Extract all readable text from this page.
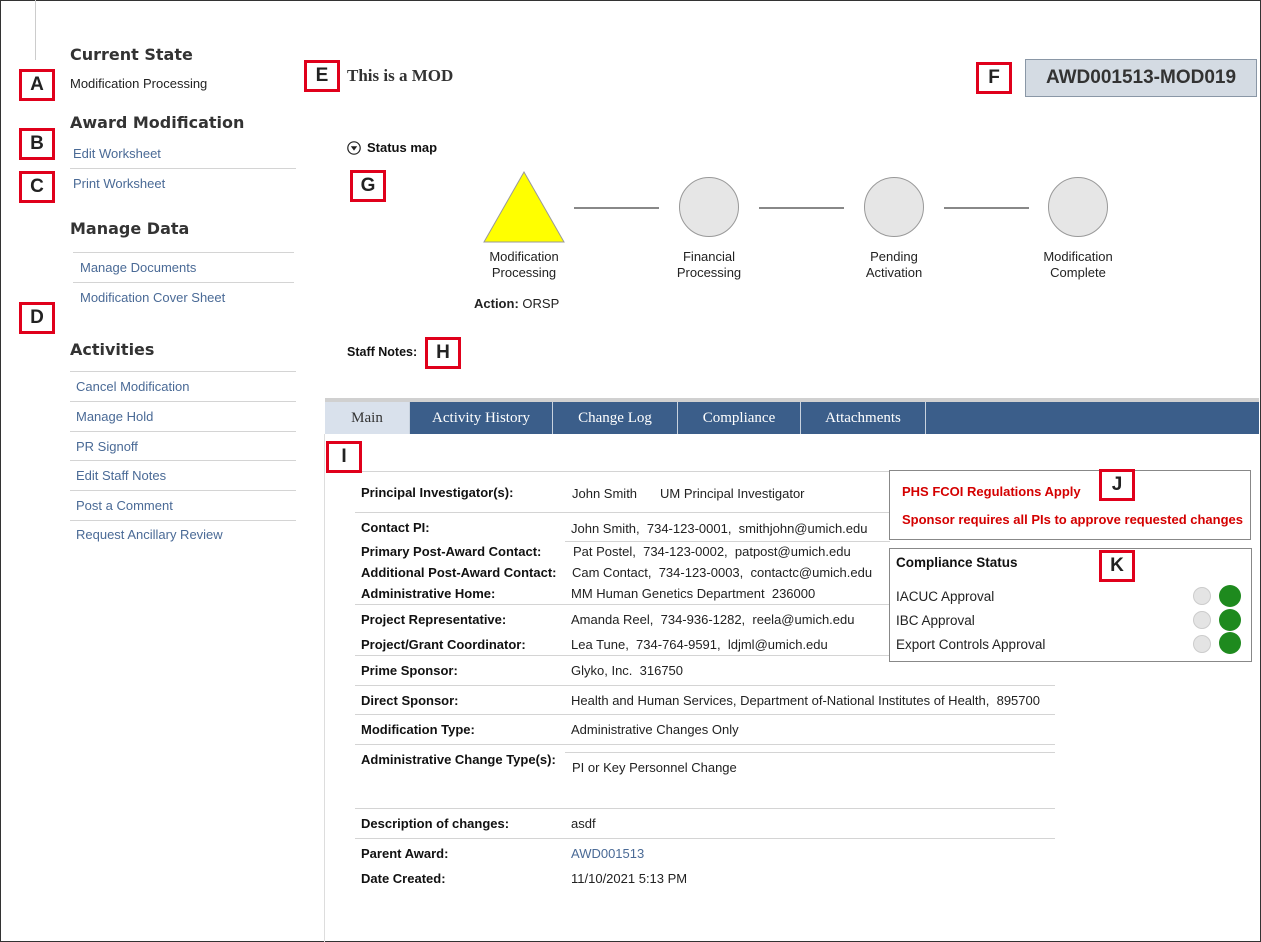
Current State
Modification Processing
Award Modification
Edit Worksheet
Print Worksheet
Manage Data
Manage Documents
Modification Cover Sheet
Activities
Cancel Modification
Manage Hold
PR Signoff
Edit Staff Notes
Post a Comment
Request Ancillary Review
This is a MOD	AWD001513-MOD019
Status map
Modification
Processing
Financial
Processing
Pending
Activation
Modification
Complete
Action: ORSP
Staff Notes:
Main	Activity History	Change Log	Compliance	Attachments
Principal Investigator(s):	John Smith UM Principal Investigator
Contact PI:	John Smith,  734-123-0001,  smithjohn@umich.edu
Primary Post-Award Contact: Pat Postel,  734-123-0002,  patpost@umich.edu
Additional Post-Award Contact: Cam Contact,  734-123-0003,  contactc@umich.edu
Administrative Home:	MM Human Genetics Department  236000
Project Representative:	Amanda Reel,  734-936-1282,  reela@umich.edu
Project/Grant Coordinator:	Lea Tune,  734-764-9591,  ldjml@umich.edu
Prime Sponsor:	Glyko, Inc.  316750
Direct Sponsor:	Health and Human Services, Department of-National Institutes of Health,  895700
Modification Type:	Administrative Changes Only
Administrative Change Type(s):
PI or Key Personnel Change
Description of changes:	asdf
Parent Award:	AWD001513
Date Created:	11/10/2021 5:13 PM
PHS FCOI Regulations Apply
Sponsor requires all PIs to approve requested changes
Compliance Status
IACUC Approval
IBC Approval
Export Controls Approval
A
B
C
D
E	F
G
H
I
J
K
